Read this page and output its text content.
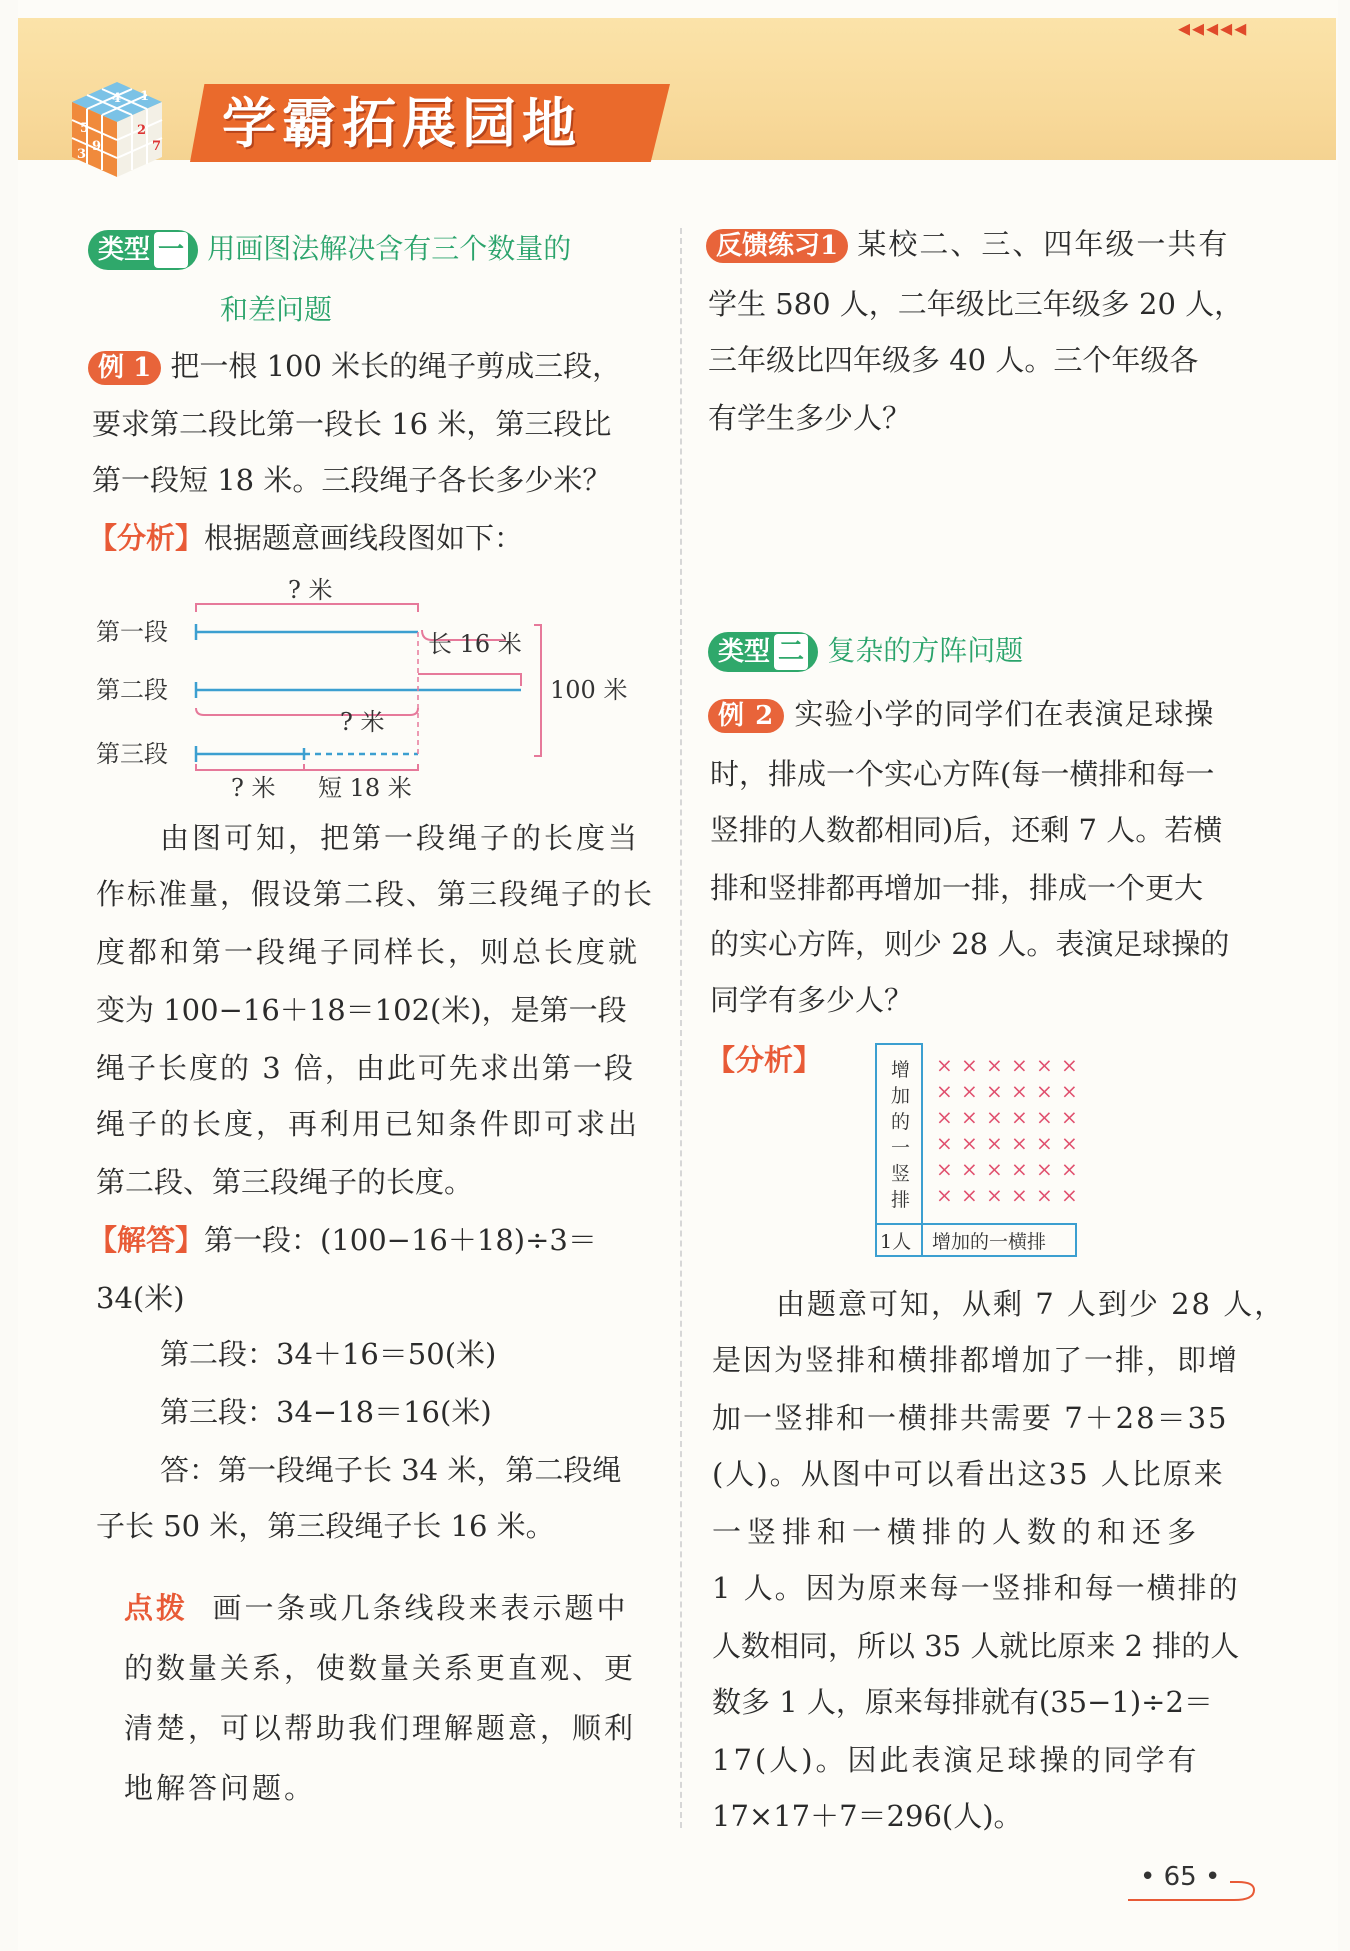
◂◂◂◂◂
4
5
1
9
2
3
7 学霸拓展园地
类型 一 用画图法解决含有三个数量的
和差问题
例 1 把一根 100 米长的绳子剪成三段，
要求第二段比第一段长 16 米，第三段比
第一段短 18 米。三段绳子各长多少米？
【分析】根据题意画线段图如下：
第一段
第二段
第三段
? 米
长 16 米
100 米
? 米
? 米 短 18 米
由图可知，把第一段绳子的长度当
作标准量，假设第二段、第三段绳子的长
度都和第一段绳子同样长，则总长度就
变为 100−16＋18＝102(米)，是第一段
绳子长度的 3 倍，由此可先求出第一段
绳子的长度，再利用已知条件即可求出
第二段、第三段绳子的长度。
【解答】第一段：(100−16＋18)÷3＝
34(米)
第二段：34＋16＝50(米)
第三段：34−18＝16(米)
答：第一段绳子长 34 米，第二段绳
子长 50 米，第三段绳子长 16 米。
点拨 画一条或几条线段来表示题中
的数量关系，使数量关系更直观、更
清楚，可以帮助我们理解题意，顺利
地解答问题。
反馈练习1 某校二、三、四年级一共有
学生 580 人，二年级比三年级多 20 人，
三年级比四年级多 40 人。三个年级各
有学生多少人？
类型 二 复杂的方阵问题
例 2 实验小学的同学们在表演足球操
时，排成一个实心方阵(每一横排和每一
竖排的人数都相同)后，还剩 7 人。若横
排和竖排都再增加一排，排成一个更大
的实心方阵，则少 28 人。表演足球操的
同学有多少人？
【分析】	增
加
的
一
竖
排
1人 增加的一横排
× × × × × ×
× × × × × ×
× × × × × ×
× × × × × ×
× × × × × ×
× × × × × ×
由题意可知，从剩 7 人到少 28 人，
是因为竖排和横排都增加了一排，即增
加一竖排和一横排共需要 7＋28＝35
(人)。从图中可以看出这35 人比原来
一竖排和一横排的人数的和还多
1 人。因为原来每一竖排和每一横排的
人数相同，所以 35 人就比原来 2 排的人
数多 1 人，原来每排就有(35−1)÷2＝
17(人)。因此表演足球操的同学有
17×17＋7＝296(人)。
• 65 •
